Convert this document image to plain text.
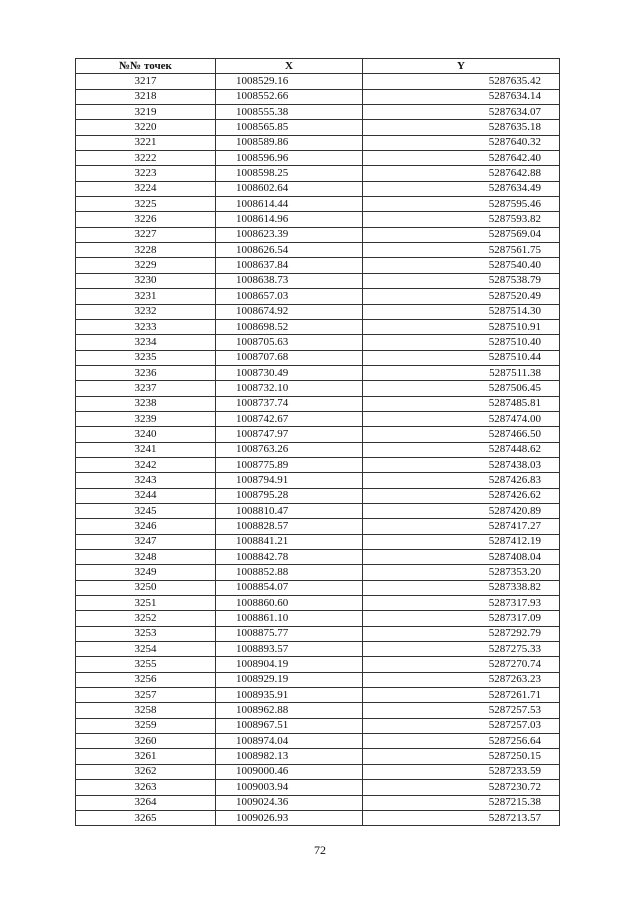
№№ точек	X	Y
3217	1008529.16	5287635.42
3218	1008552.66	5287634.14
3219	1008555.38	5287634.07
3220	1008565.85	5287635.18
3221	1008589.86	5287640.32
3222	1008596.96	5287642.40
3223	1008598.25	5287642.88
3224	1008602.64	5287634.49
3225	1008614.44	5287595.46
3226	1008614.96	5287593.82
3227	1008623.39	5287569.04
3228	1008626.54	5287561.75
3229	1008637.84	5287540.40
3230	1008638.73	5287538.79
3231	1008657.03	5287520.49
3232	1008674.92	5287514.30
3233	1008698.52	5287510.91
3234	1008705.63	5287510.40
3235	1008707.68	5287510.44
3236	1008730.49	5287511.38
3237	1008732.10	5287506.45
3238	1008737.74	5287485.81
3239	1008742.67	5287474.00
3240	1008747.97	5287466.50
3241	1008763.26	5287448.62
3242	1008775.89	5287438.03
3243	1008794.91	5287426.83
3244	1008795.28	5287426.62
3245	1008810.47	5287420.89
3246	1008828.57	5287417.27
3247	1008841.21	5287412.19
3248	1008842.78	5287408.04
3249	1008852.88	5287353.20
3250	1008854.07	5287338.82
3251	1008860.60	5287317.93
3252	1008861.10	5287317.09
3253	1008875.77	5287292.79
3254	1008893.57	5287275.33
3255	1008904.19	5287270.74
3256	1008929.19	5287263.23
3257	1008935.91	5287261.71
3258	1008962.88	5287257.53
3259	1008967.51	5287257.03
3260	1008974.04	5287256.64
3261	1008982.13	5287250.15
3262	1009000.46	5287233.59
3263	1009003.94	5287230.72
3264	1009024.36	5287215.38
3265	1009026.93	5287213.57
72
